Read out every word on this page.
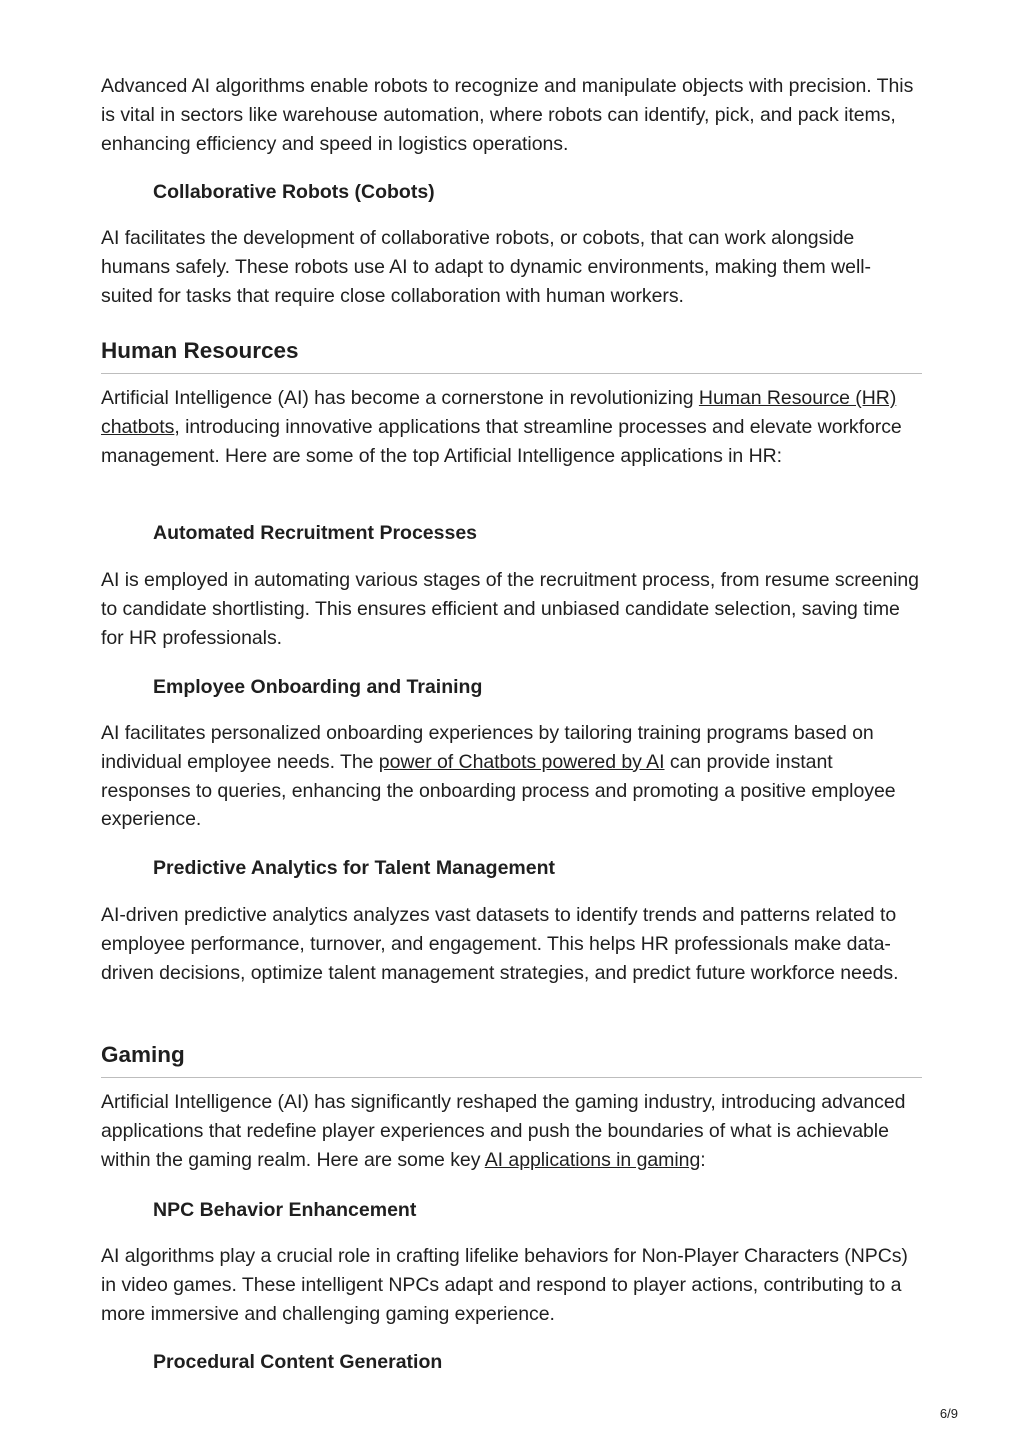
Advanced AI algorithms enable robots to recognize and manipulate objects with precision. This is vital in sectors like warehouse automation, where robots can identify, pick, and pack items, enhancing efficiency and speed in logistics operations.

Collaborative Robots (Cobots)

AI facilitates the development of collaborative robots, or cobots, that can work alongside humans safely. These robots use AI to adapt to dynamic environments, making them well-suited for tasks that require close collaboration with human workers.

Human Resources

Artificial Intelligence (AI) has become a cornerstone in revolutionizing Human Resource (HR) chatbots, introducing innovative applications that streamline processes and elevate workforce management. Here are some of the top Artificial Intelligence applications in HR:

Automated Recruitment Processes

AI is employed in automating various stages of the recruitment process, from resume screening to candidate shortlisting. This ensures efficient and unbiased candidate selection, saving time for HR professionals.

Employee Onboarding and Training

AI facilitates personalized onboarding experiences by tailoring training programs based on individual employee needs. The power of Chatbots powered by AI can provide instant responses to queries, enhancing the onboarding process and promoting a positive employee experience.

Predictive Analytics for Talent Management

AI-driven predictive analytics analyzes vast datasets to identify trends and patterns related to employee performance, turnover, and engagement. This helps HR professionals make data-driven decisions, optimize talent management strategies, and predict future workforce needs.

Gaming

Artificial Intelligence (AI) has significantly reshaped the gaming industry, introducing advanced applications that redefine player experiences and push the boundaries of what is achievable within the gaming realm. Here are some key AI applications in gaming:

NPC Behavior Enhancement

AI algorithms play a crucial role in crafting lifelike behaviors for Non-Player Characters (NPCs) in video games. These intelligent NPCs adapt and respond to player actions, contributing to a more immersive and challenging gaming experience.

Procedural Content Generation
6/9
